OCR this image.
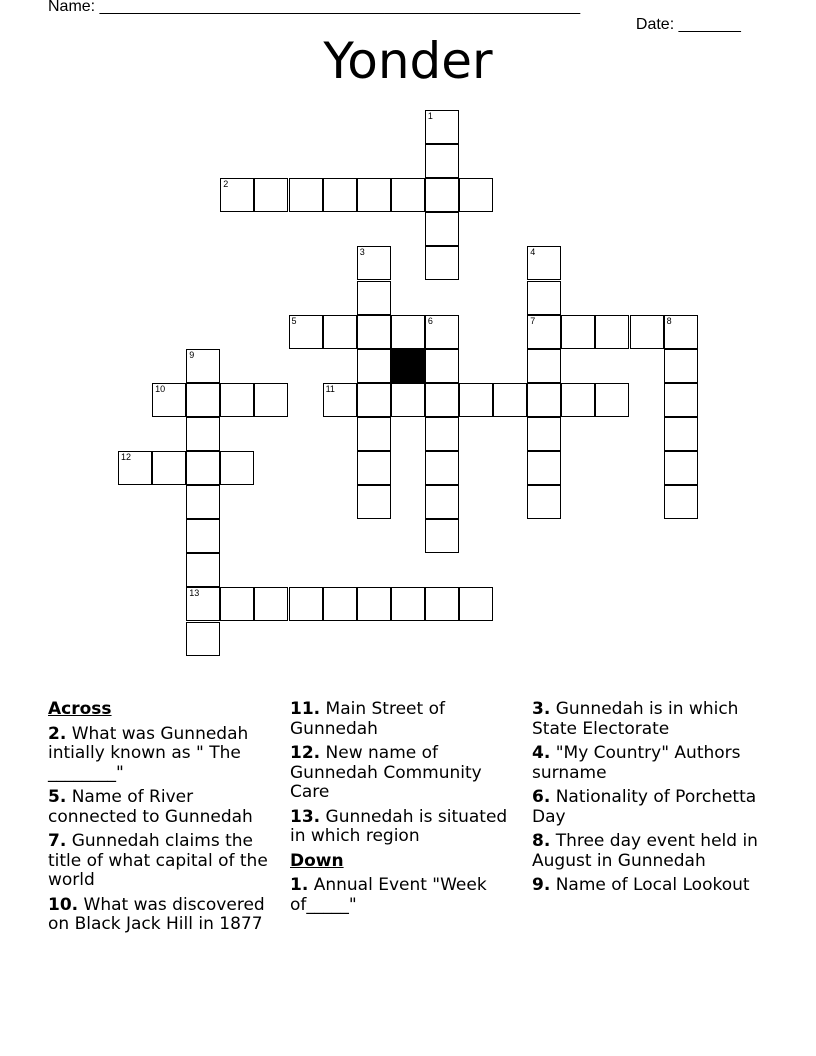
Name: ______________________________________________________

Date: _______

Yonder
1
2
3	4
7
5	6	8
9
13
10	11
12
Across
2. What was Gunnedah intially known as " The ________"
5. Name of River connected to Gunnedah
7. Gunnedah claims the title of what capital of the world
10. What was discovered on Black Jack Hill in 1877
11. Main Street of Gunnedah
12. New name of Gunnedah Community Care
13. Gunnedah is situated in which region
Down
1. Annual Event "Week of_____"
3. Gunnedah is in which State Electorate
4. "My Country" Authors surname
6. Nationality of Porchetta Day
8. Three day event held in August in Gunnedah
9. Name of Local Lookout
